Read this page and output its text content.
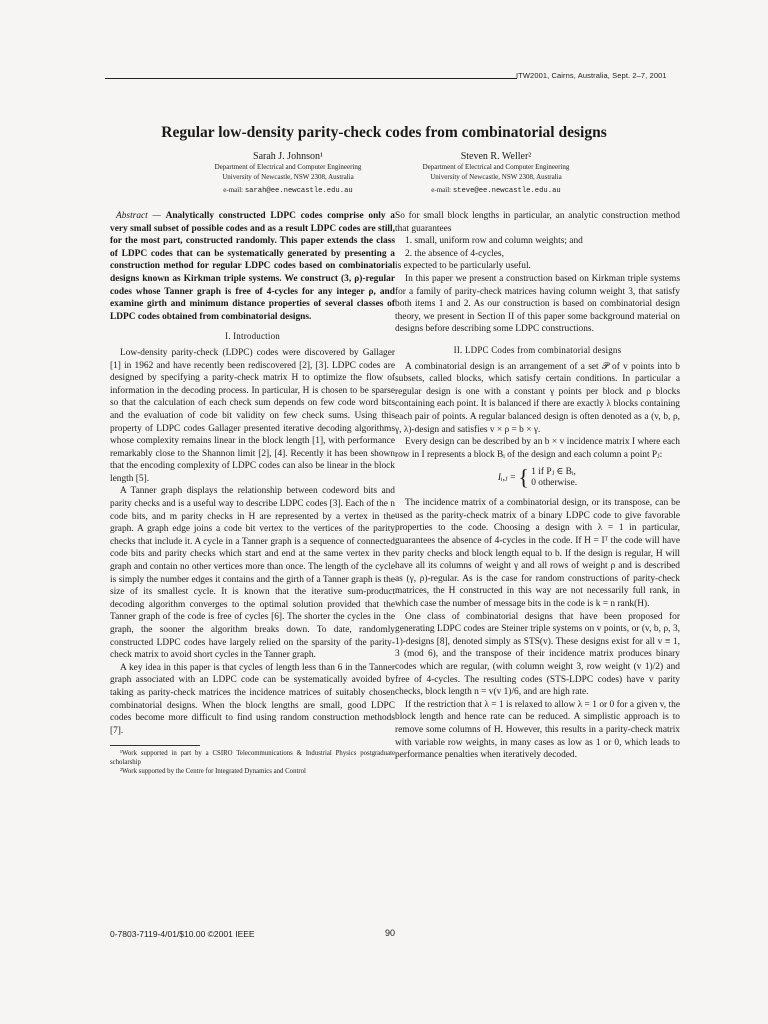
ITW2001, Cairns, Australia, Sept. 2–7, 2001
Regular low-density parity-check codes from combinatorial designs
Sarah J. Johnson¹
Department of Electrical and Computer Engineering
University of Newcastle, NSW 2308, Australia
e-mail: sarah@ee.newcastle.edu.au
Steven R. Weller²
Department of Electrical and Computer Engineering
University of Newcastle, NSW 2308, Australia
e-mail: steve@ee.newcastle.edu.au

Abstract — Analytically constructed LDPC codes comprise only a very small subset of possible codes and as a result LDPC codes are still, for the most part, constructed randomly. This paper extends the class of LDPC codes that can be systematically generated by presenting a construction method for regular LDPC codes based on combinatorial designs known as Kirkman triple systems. We construct (3, ρ)-regular codes whose Tanner graph is free of 4-cycles for any integer ρ, and examine girth and minimum distance properties of several classes of LDPC codes obtained from combinatorial designs.

I. Introduction

Low-density parity-check (LDPC) codes were discovered by Gallager [1] in 1962 and have recently been rediscovered [2], [3]. LDPC codes are designed by specifying a parity-check matrix H to optimize the flow of information in the decoding process. In particular, H is chosen to be sparse so that the calculation of each check sum depends on few code word bits and the evaluation of code bit validity on few check sums. Using this property of LDPC codes Gallager presented iterative decoding algorithms whose complexity remains linear in the block length [1], with performance remarkably close to the Shannon limit [2], [4]. Recently it has been shown that the encoding complexity of LDPC codes can also be linear in the block length [5].

A Tanner graph displays the relationship between codeword bits and parity checks and is a useful way to describe LDPC codes [3]. Each of the n code bits, and m parity checks in H are represented by a vertex in the graph. A graph edge joins a code bit vertex to the vertices of the parity checks that include it. A cycle in a Tanner graph is a sequence of connected code bits and parity checks which start and end at the same vertex in the graph and contain no other vertices more than once. The length of the cycle is simply the number edges it contains and the girth of a Tanner graph is the size of its smallest cycle. It is known that the iterative sum-product decoding algorithm converges to the optimal solution provided that the Tanner graph of the code is free of cycles [6]. The shorter the cycles in the graph, the sooner the algorithm breaks down. To date, randomly constructed LDPC codes have largely relied on the sparsity of the parity-check matrix to avoid short cycles in the Tanner graph.

A key idea in this paper is that cycles of length less than 6 in the Tanner graph associated with an LDPC code can be systematically avoided by taking as parity-check matrices the incidence matrices of suitably chosen combinatorial designs. When the block lengths are small, good LDPC codes become more difficult to find using random construction methods [7].

¹Work supported in part by a CSIRO Telecommunications & Industrial Physics postgraduate scholarship

²Work supported by the Centre for Integrated Dynamics and Control

So for small block lengths in particular, an analytic construction method that guarantees

1. small, uniform row and column weights; and

2. the absence of 4-cycles,

is expected to be particularly useful.

In this paper we present a construction based on Kirkman triple systems for a family of parity-check matrices having column weight 3, that satisfy both items 1 and 2. As our construction is based on combinatorial design theory, we present in Section II of this paper some background material on designs before describing some LDPC constructions.

II. LDPC Codes from combinatorial designs

A combinatorial design is an arrangement of a set 𝒫 of v points into b subsets, called blocks, which satisfy certain conditions. In particular a regular design is one with a constant γ points per block and ρ blocks containing each point. It is balanced if there are exactly λ blocks containing each pair of points. A regular balanced design is often denoted as a (v, b, ρ, γ, λ)-design and satisfies v × ρ = b × γ.

Every design can be described by an b × v incidence matrix I where each row in I represents a block Bᵢ of the design and each column a point Pⱼ:

Iᵢ,ⱼ = { 1 if Pⱼ ∈ Bᵢ,
0 otherwise.

The incidence matrix of a combinatorial design, or its transpose, can be used as the parity-check matrix of a binary LDPC code to give favorable properties to the code. Choosing a design with λ = 1 in particular, guarantees the absence of 4-cycles in the code. If H = Iᵀ the code will have v parity checks and block length equal to b. If the design is regular, H will have all its columns of weight γ and all rows of weight ρ and is described as (γ, ρ)-regular. As is the case for random constructions of parity-check matrices, the H constructed in this way are not necessarily full rank, in which case the number of message bits in the code is k = n rank(H).

One class of combinatorial designs that have been proposed for generating LDPC codes are Steiner triple systems on v points, or (v, b, ρ, 3, 1)-designs [8], denoted simply as STS(v). These designs exist for all v ≡ 1, 3 (mod 6), and the transpose of their incidence matrix produces binary codes which are regular, (with column weight 3, row weight (v 1)/2) and free of 4-cycles. The resulting codes (STS-LDPC codes) have v parity checks, block length n = v(v 1)/6, and are high rate.

If the restriction that λ = 1 is relaxed to allow λ = 1 or 0 for a given v, the block length and hence rate can be reduced. A simplistic approach is to remove some columns of H. However, this results in a parity-check matrix with variable row weights, in many cases as low as 1 or 0, which leads to performance penalties when iteratively decoded.

0-7803-7119-4/01/$10.00 ©2001 IEEE	90
